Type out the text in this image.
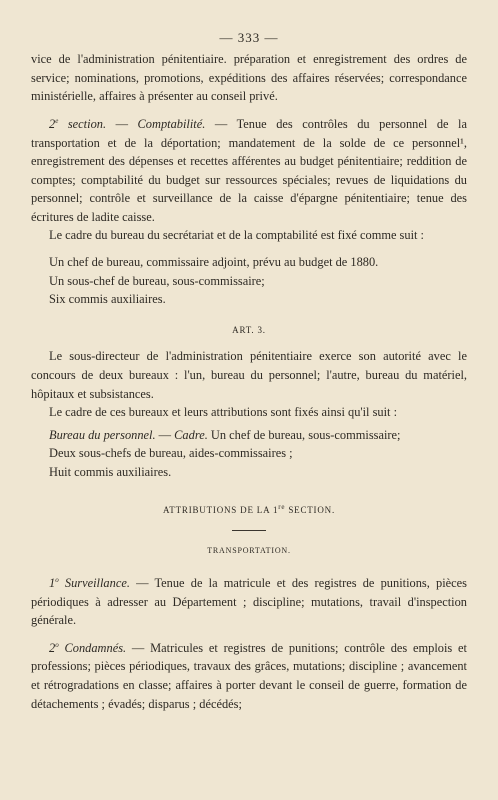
— 333 —

vice de l'administration pénitentiaire. préparation et enregistrement des ordres de service; nominations, promotions, expéditions des affaires réservées; correspondance ministérielle, affaires à présenter au conseil privé.

2e section. — Comptabilité. — Tenue des contrôles du personnel de la transportation et de la déportation; mandatement de la solde de ce personnel¹, enregistrement des dépenses et recettes afférentes au budget pénitentiaire; reddition de comptes; comptabilité du budget sur ressources spéciales; revues de liquidations du personnel; contrôle et surveillance de la caisse d'épargne pénitentiaire; tenue des écritures de ladite caisse.

Le cadre du bureau du secrétariat et de la comptabilité est fixé comme suit :

Un chef de bureau, commissaire adjoint, prévu au budget de 1880.

Un sous-chef de bureau, sous-commissaire;

Six commis auxiliaires.

ART. 3.

Le sous-directeur de l'administration pénitentiaire exerce son autorité avec le concours de deux bureaux : l'un, bureau du personnel; l'autre, bureau du matériel, hôpitaux et subsistances.

Le cadre de ces bureaux et leurs attributions sont fixés ainsi qu'il suit :

Bureau du personnel. — Cadre. Un chef de bureau, sous-commissaire;

Deux sous-chefs de bureau, aides-commissaires ;

Huit commis auxiliaires.

ATTRIBUTIONS DE LA 1re SECTION.

TRANSPORTATION.

1$^o$ Surveillance. — Tenue de la matricule et des registres de punitions, pièces périodiques à adresser au Département ; discipline; mutations, travail d'inspection générale.

2$^o$ Condamnés. — Matricules et registres de punitions; contrôle des emplois et professions; pièces périodiques, travaux des grâces, mutations; discipline ; avancement et rétrogradations en classe; affaires à porter devant le conseil de guerre, formation de détachements ; évadés; disparus ; décédés;
